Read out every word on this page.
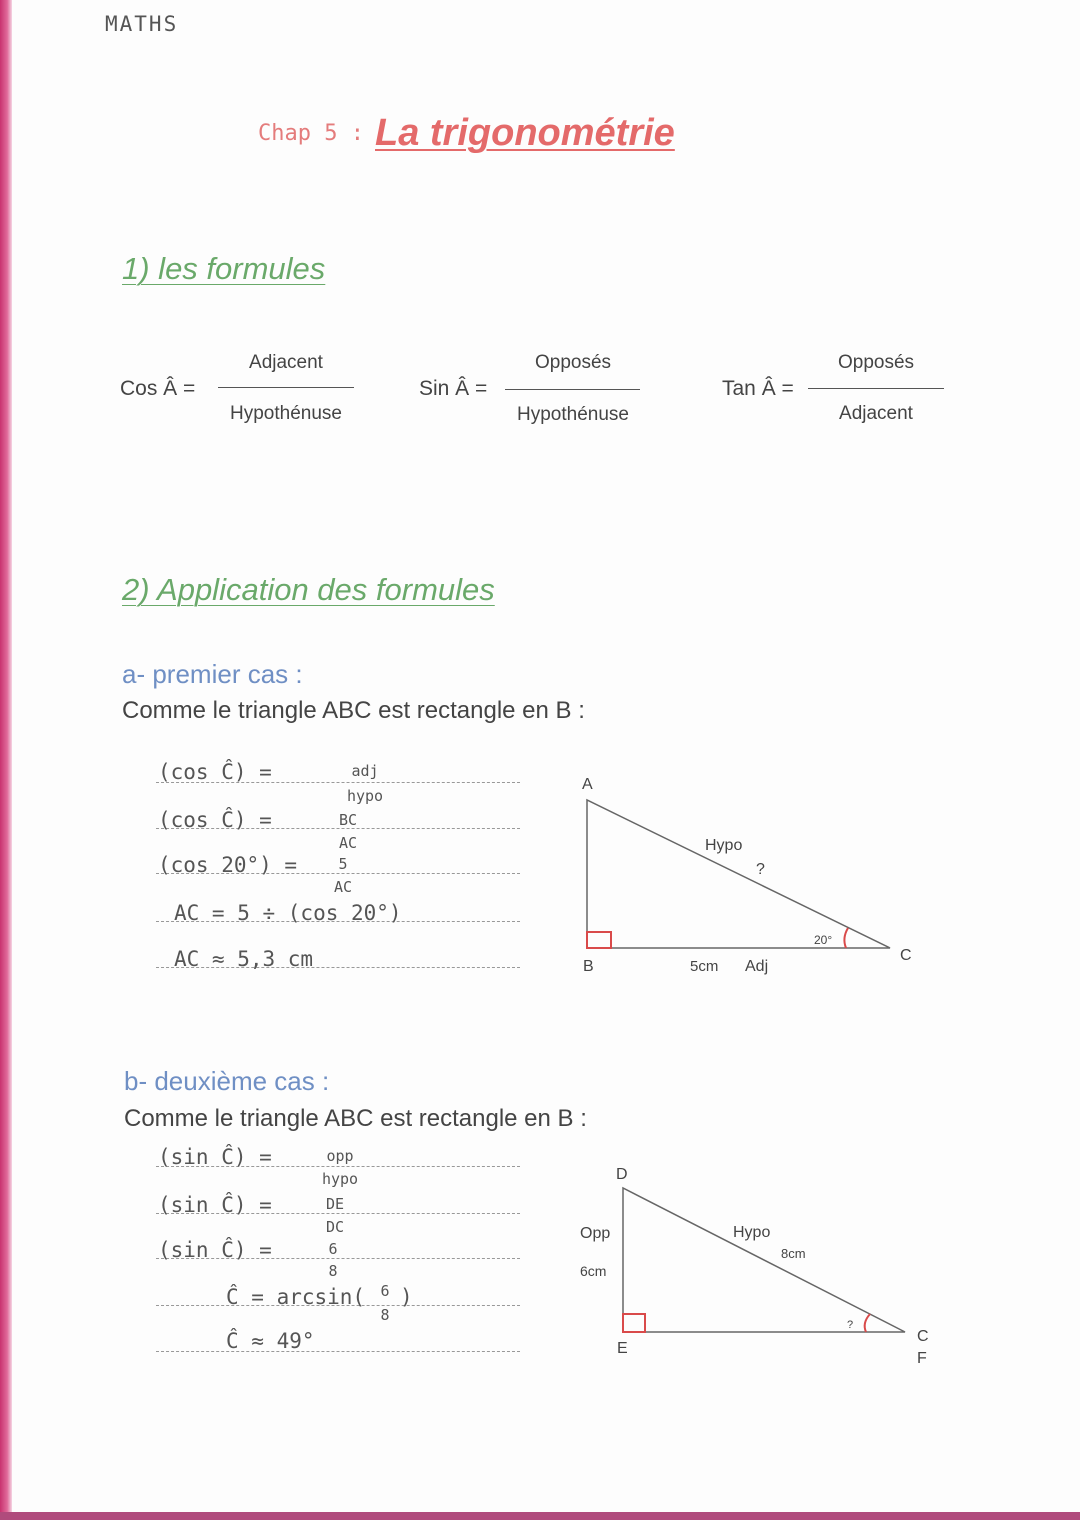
MATHS
Chap 5 : La trigonométrie
1) les formules
Cos Â =
Adjacent
Hypothénuse
Sin Â =
Opposés
Hypothénuse
Tan Â =
Opposés
Adjacent
2) Application des formules
a- premier cas :
Comme le triangle ABC est rectangle en B :
(cos Ĉ) =	adj
hypo
(cos Ĉ) =	BC
AC
(cos 20°) =	5
AC
AC = 5 ÷ (cos 20°)
AC ≈ 5,3 cm
A
B
C
Hypo
?
20°
5cm Adj
b- deuxième cas :
Comme le triangle ABC est rectangle en B :
(sin Ĉ) =	opp
hypo
(sin Ĉ) =	DE
DC
(sin Ĉ) =	6
8
Ĉ = arcsin(	6
8
)
Ĉ ≈ 49°
D
E
C
F
Opp
6cm
Hypo
8cm
?
